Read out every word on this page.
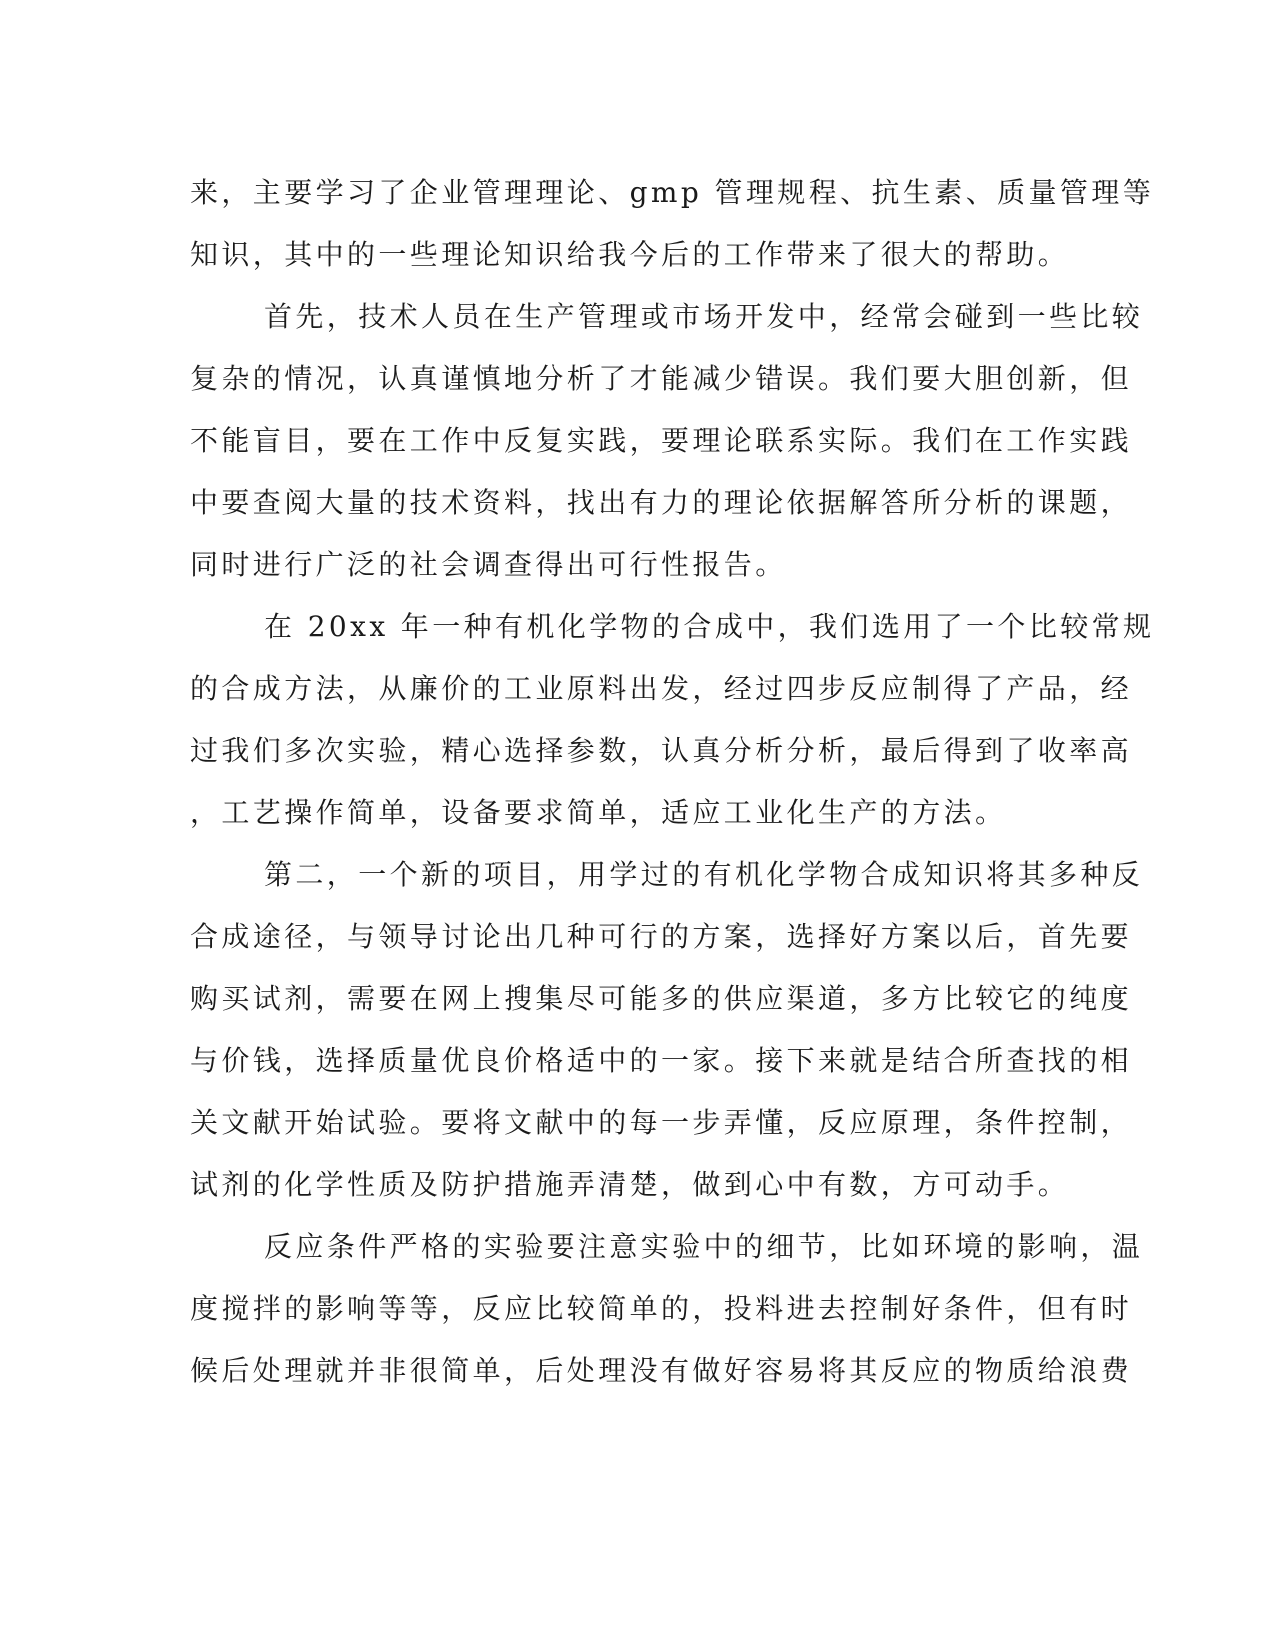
来，主要学习了企业管理理论、gmp 管理规程、抗生素、质量管理等
知识，其中的一些理论知识给我今后的工作带来了很大的帮助。
首先，技术人员在生产管理或市场开发中，经常会碰到一些比较
复杂的情况，认真谨慎地分析了才能减少错误。我们要大胆创新，但
不能盲目，要在工作中反复实践，要理论联系实际。我们在工作实践
中要查阅大量的技术资料，找出有力的理论依据解答所分析的课题，
同时进行广泛的社会调查得出可行性报告。
在 20xx 年一种有机化学物的合成中，我们选用了一个比较常规
的合成方法，从廉价的工业原料出发，经过四步反应制得了产品，经
过我们多次实验，精心选择参数，认真分析分析，最后得到了收率高
，工艺操作简单，设备要求简单，适应工业化生产的方法。
第二，一个新的项目，用学过的有机化学物合成知识将其多种反
合成途径，与领导讨论出几种可行的方案，选择好方案以后，首先要
购买试剂，需要在网上搜集尽可能多的供应渠道，多方比较它的纯度
与价钱，选择质量优良价格适中的一家。接下来就是结合所查找的相
关文献开始试验。要将文献中的每一步弄懂，反应原理，条件控制，
试剂的化学性质及防护措施弄清楚，做到心中有数，方可动手。
反应条件严格的实验要注意实验中的细节，比如环境的影响，温
度搅拌的影响等等，反应比较简单的，投料进去控制好条件，但有时
候后处理就并非很简单，后处理没有做好容易将其反应的物质给浪费
